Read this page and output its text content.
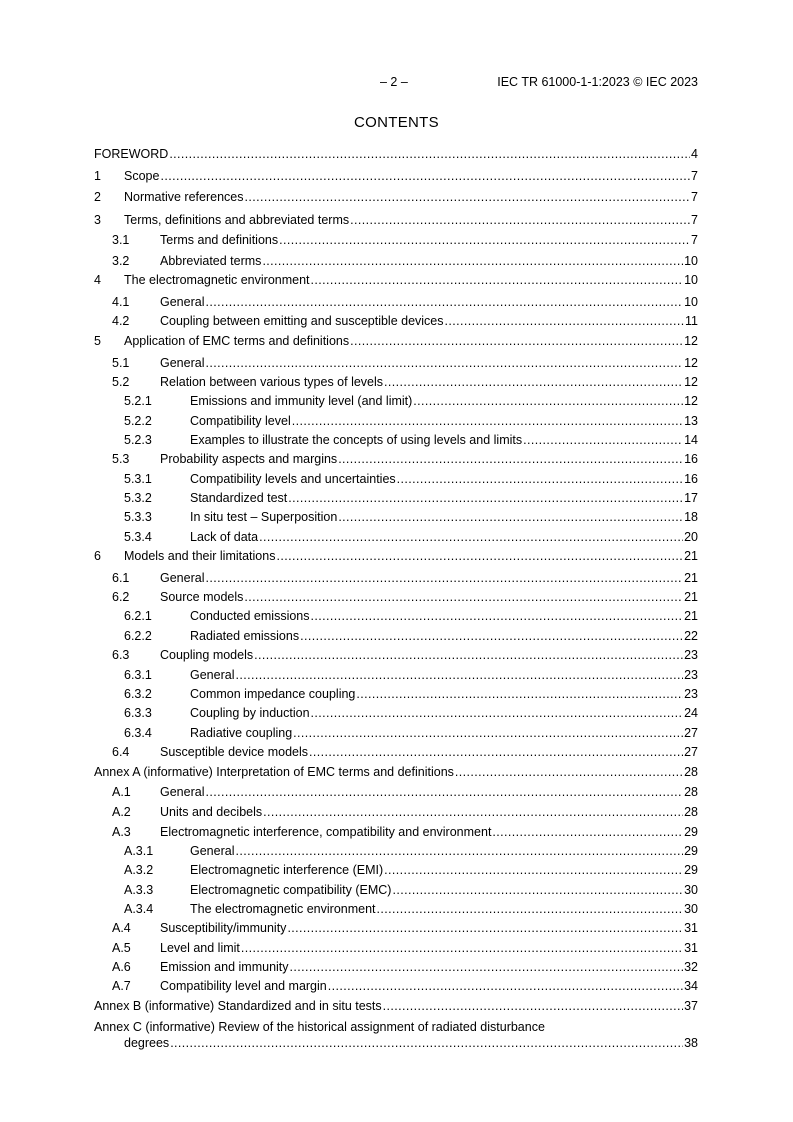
– 2 –	IEC TR 61000-1-1:2023 © IEC 2023
CONTENTS
FOREWORD .....	4
1 Scope .....	7
2 Normative references .....	7
3 Terms, definitions and abbreviated terms .....	7
3.1 Terms and definitions .....	7
3.2 Abbreviated terms .....	10
4 The electromagnetic environment .....	10
4.1 General .....	10
4.2 Coupling between emitting and susceptible devices .....	11
5 Application of EMC terms and definitions .....	12
5.1 General .....	12
5.2 Relation between various types of levels .....	12
5.2.1	Emissions and immunity level (and limit) .....	12
5.2.2	Compatibility level .....	13
5.2.3	Examples to illustrate the concepts of using levels and limits .....	14
5.3 Probability aspects and margins .....	16
5.3.1	Compatibility levels and uncertainties .....	16
5.3.2	Standardized test .....	17
5.3.3	In situ test – Superposition .....	18
5.3.4	Lack of data .....	20
6 Models and their limitations .....	21
6.1 General .....	21
6.2 Source models .....	21
6.2.1	Conducted emissions .....	21
6.2.2	Radiated emissions .....	22
6.3 Coupling models .....	23
6.3.1	General .....	23
6.3.2	Common impedance coupling .....	23
6.3.3	Coupling by induction .....	24
6.3.4	Radiative coupling .....	27
6.4 Susceptible device models .....	27
Annex A (informative) Interpretation of EMC terms and definitions .....	28
A.1 General .....	28
A.2 Units and decibels .....	28
A.3 Electromagnetic interference, compatibility and environment .....	29
A.3.1	General .....	29
A.3.2	Electromagnetic interference (EMI) .....	29
A.3.3	Electromagnetic compatibility (EMC) .....	30
A.3.4	The electromagnetic environment .....	30
A.4 Susceptibility/immunity .....	31
A.5 Level and limit .....	31
A.6 Emission and immunity .....	32
A.7 Compatibility level and margin .....	34
Annex B (informative) Standardized and in situ tests .....	37
Annex C (informative) Review of the historical assignment of radiated disturbance
degrees .....	38
